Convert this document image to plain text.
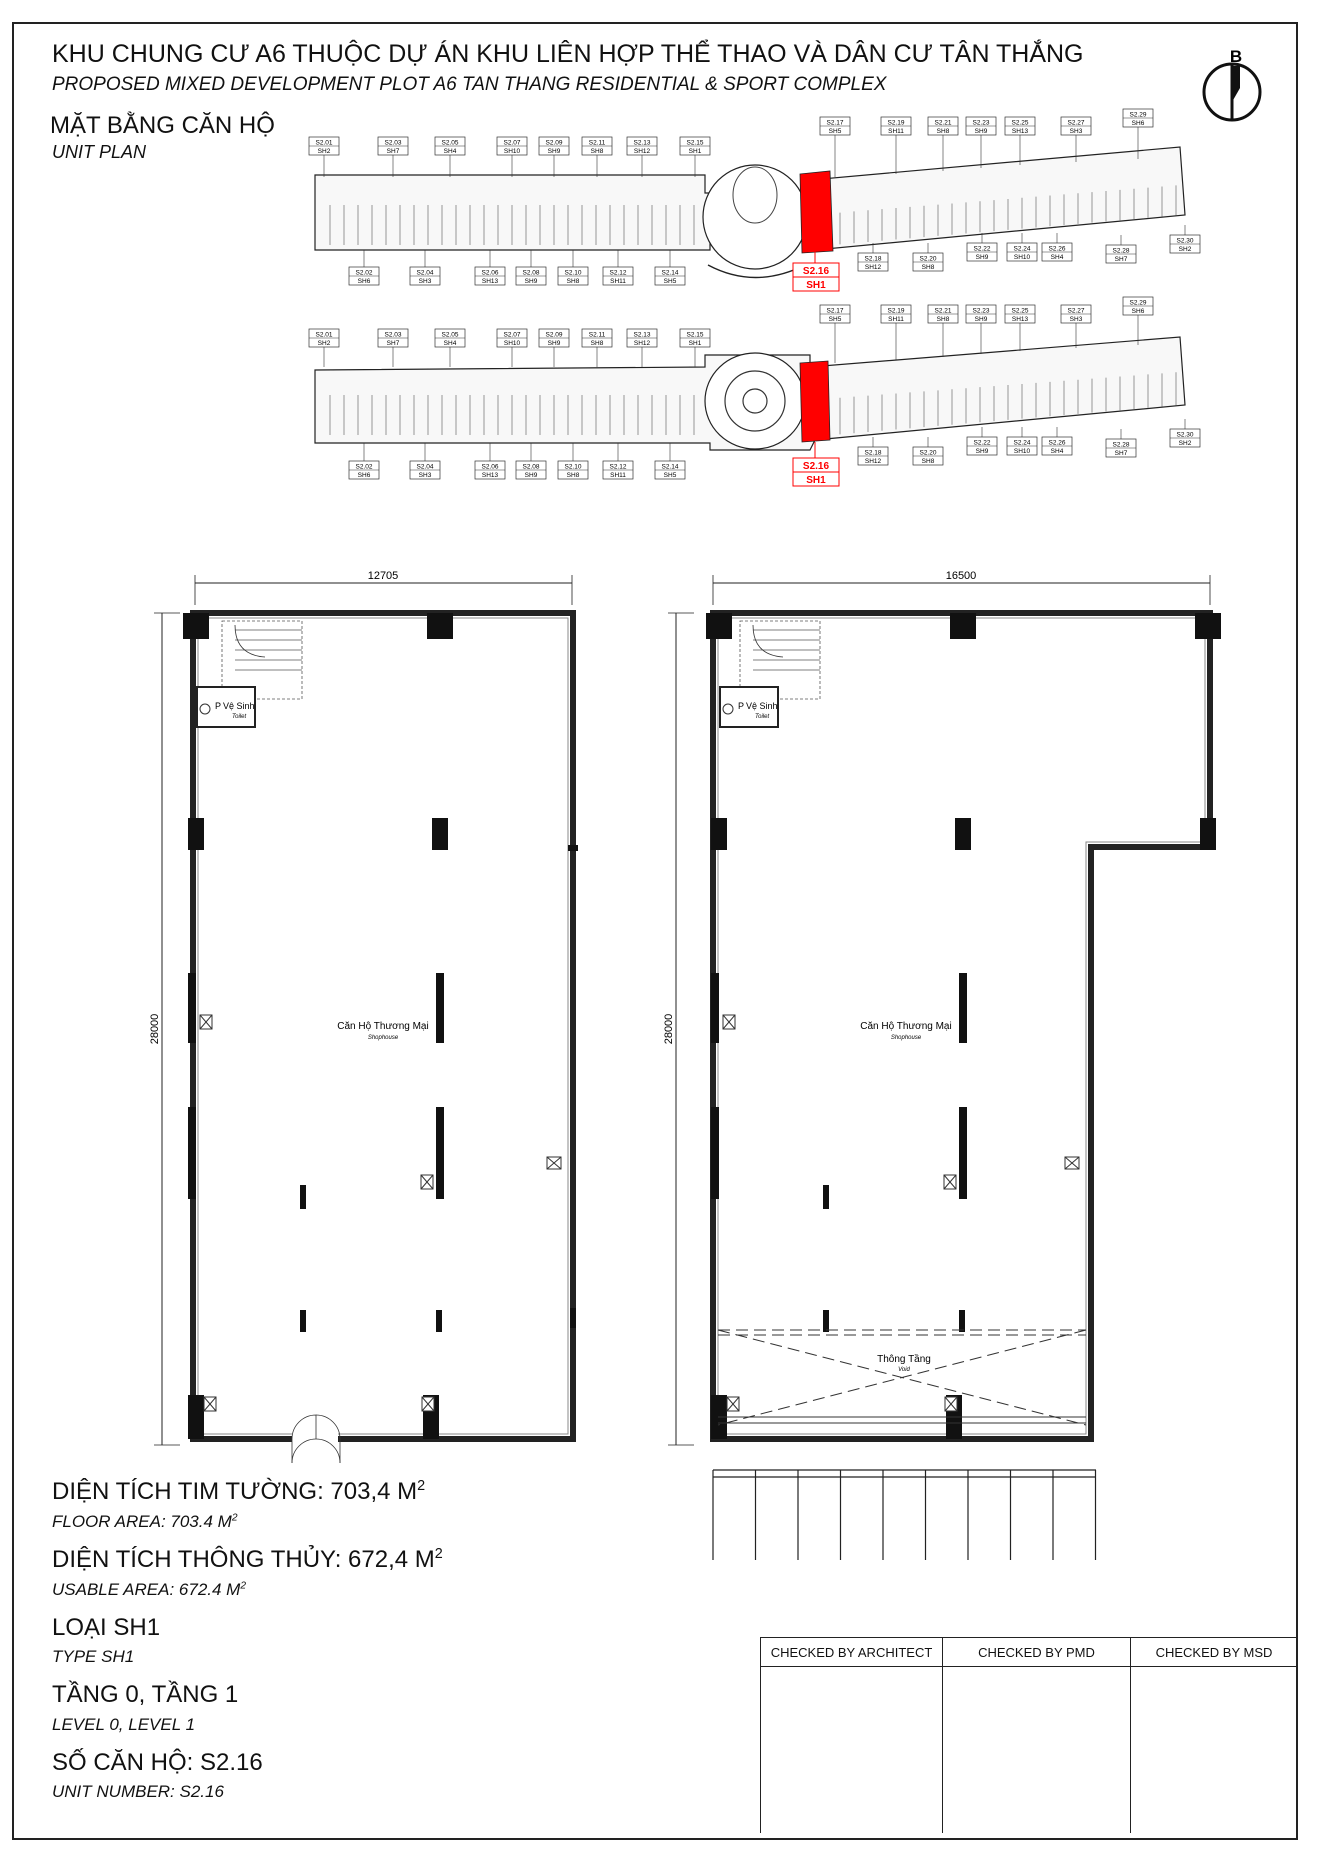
KHU CHUNG CƯ A6 THUỘC DỰ ÁN KHU LIÊN HỢP THỂ THAO VÀ DÂN CƯ TÂN THẮNG
PROPOSED MIXED DEVELOPMENT PLOT A6 TAN THANG RESIDENTIAL & SPORT COMPLEX
MẶT BẰNG CĂN HỘ
UNIT PLAN
B
S2.01
SH2
S2.03
SH7
S2.05
SH4
S2.07
SH10
S2.09
SH9
S2.11
SH8
S2.13
SH12
S2.15
SH1
S2.17
SH5
S2.19
SH11
S2.21
SH8
S2.23
SH9
S2.25
SH13
S2.27
SH3
S2.29
SH6
S2.02
SH6
S2.04
SH3
S2.06
SH13
S2.08
SH9
S2.10
SH8
S2.12
SH11
S2.14
SH5
S2.18
SH12
S2.20
SH8
S2.22
SH9
S2.24
SH10
S2.26
SH4
S2.28
SH7
S2.30
SH2
S2.01
SH2
S2.03
SH7
S2.05
SH4
S2.07
SH10
S2.09
SH9
S2.11
SH8
S2.13
SH12
S2.15
SH1
S2.17
SH5
S2.19
SH11
S2.21
SH8
S2.23
SH9
S2.25
SH13
S2.27
SH3
S2.29
SH6
S2.02
SH6
S2.04
SH3
S2.06
SH13
S2.08
SH9
S2.10
SH8
S2.12
SH11
S2.14
SH5
S2.18
SH12
S2.20
SH8
S2.22
SH9
S2.24
SH10
S2.26
SH4
S2.28
SH7
S2.30
SH2
S2.16
SH1
S2.16
SH1
12705
28000
P Vệ Sinh
Toilet
Căn Hộ Thương Mại
Shophouse
16500
28000
P Vệ Sinh
Toilet
Thông Tầng
Void
Căn Hộ Thương Mại
Shophouse
DIỆN TÍCH TIM TƯỜNG: 703,4 $M^2$
FLOOR AREA: 703.4 $M^2$
DIỆN TÍCH THÔNG THỦY: 672,4 $M^2$
USABLE AREA: 672.4 $M^2$
LOẠI SH1
TYPE SH1
TẦNG 0, TẦNG 1
LEVEL 0, LEVEL 1
SỐ CĂN HỘ: S2.16
UNIT NUMBER: S2.16
CHECKED BY ARCHITECT	CHECKED BY PMD	CHECKED BY MSD
